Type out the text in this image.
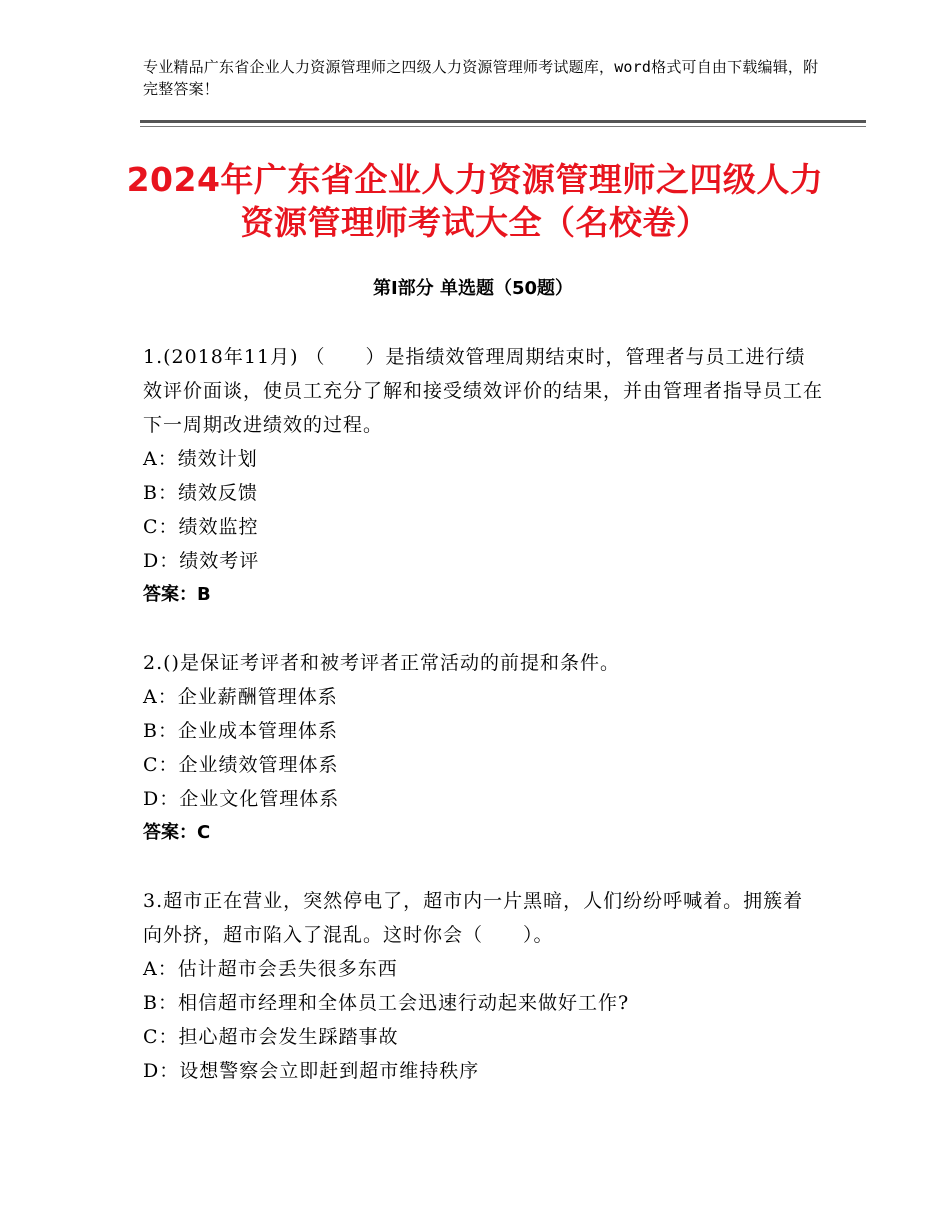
专业精品广东省企业人力资源管理师之四级人力资源管理师考试题库，word格式可自由下载编辑，附完整答案！
2024年广东省企业人力资源管理师之四级人力资源管理师考试大全（名校卷）
第Ⅰ部分 单选题（50题）

1.(2018年11月) （　　）是指绩效管理周期结束时，管理者与员工进行绩效评价面谈，使员工充分了解和接受绩效评价的结果，并由管理者指导员工在下一周期改进绩效的过程。

A：绩效计划

B：绩效反馈

C：绩效监控

D：绩效考评

答案：B

2.()是保证考评者和被考评者正常活动的前提和条件。

A：企业薪酬管理体系

B：企业成本管理体系

C：企业绩效管理体系

D：企业文化管理体系

答案：C

3.超市正在营业，突然停电了，超市内一片黑暗，人们纷纷呼喊着。拥簇着向外挤，超市陷入了混乱。这时你会（　　）。

A：估计超市会丢失很多东西

B：相信超市经理和全体员工会迅速行动起来做好工作?

C：担心超市会发生踩踏事故

D：设想警察会立即赶到超市维持秩序
